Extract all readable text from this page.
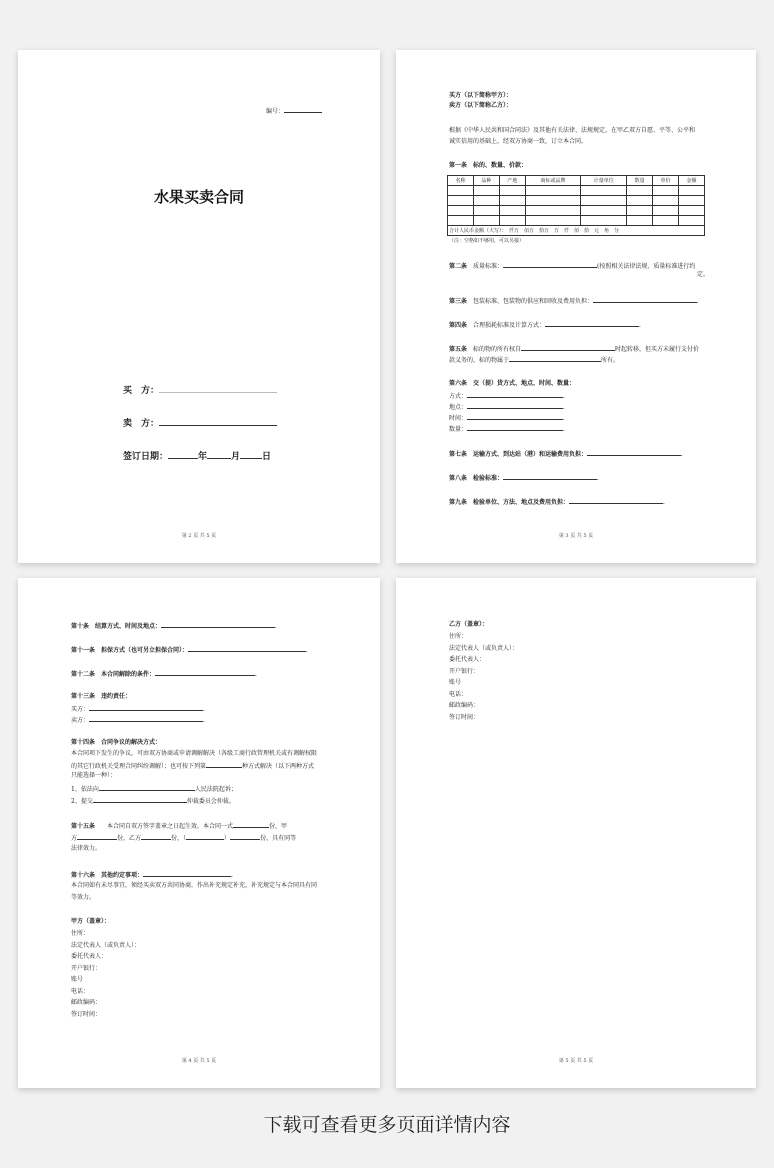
编号：
水果买卖合同
买　方：
卖　方：
签订日期：	年	月 日
第 2 页 共 5 页
买方（以下简称甲方）：
卖方（以下简称乙方）：
根据《中华人民共和国合同法》及其他有关法律、法规规定，在甲乙双方自愿、平等、公平和
诚实信用的基础上，经双方协商一致，订立本合同。
第一条　标的、数量、价款：
名称	品种	产地	商标或品牌	计量单位	数量	单价	金额

合计人民币金额（大写）：　仟万　佰万　拾万　万　仟　佰　拾　元　角　分							
（注：空格如不够用，可以另接）
第二条　 质量标准：	(按照相关法律法规、质量标准进行约
定。
第三条　 包装标准、包装物的供应和回收及费用负担：	.
第四条　 合理损耗标准及计算方式：	.
第五条　 标的物的所有权自	时起转移，但买方未履行支付价
款义务的，标的物属于	所有。
第六条　交（提）货方式、地点、时间、数量：
方式：	.
地点：	.
时间：	.
数量：	.
第七条　运输方式、到达站（港）和运输费用负担：	.
第八条　检验标准：	.
第九条　检验单位、方法、地点及费用负担：	.
第 3 页 共 5 页
第十条　结算方式、时间及地点：	.
第十一条　担保方式（也可另立担保合同）：	.
第十二条　本合同解除的条件：	.
第十三条　违约责任：
买方：	.
卖方：	.
第十四条　合同争议的解决方式：
本合同项下发生的争议，可由双方协商或申请调解解决（各级工商行政管理机关或有调解权限
的其它行政机关受理合同纠纷调解）；也可按下列第	种方式解决（以下两种方式
只能选择一种）：
1、依法向	人民法院起诉；
2、提交	仲裁委员会仲裁。
第十五条　　 本合同自双方签字盖章之日起生效。本合同一式	份，甲
方	份，乙方	份，（	）	份，具有同等
法律效力。
第十六条　其他约定事项：	.
本合同如有未尽事宜，须经买卖双方共同协商，作出补充规定补充，补充规定与本合同具有同
等效力。
甲方（盖章）：
住所：
法定代表人（或负责人）：
委托代表人：
开户银行：
账号
电话：
邮政编码：
签订时间：
第 4 页 共 5 页
乙方（盖章）：
住所：
法定代表人（或负责人）：
委托代表人：
开户银行：
账号
电话：
邮政编码：
签订时间：
第 5 页 共 5 页
下载可查看更多页面详情内容
